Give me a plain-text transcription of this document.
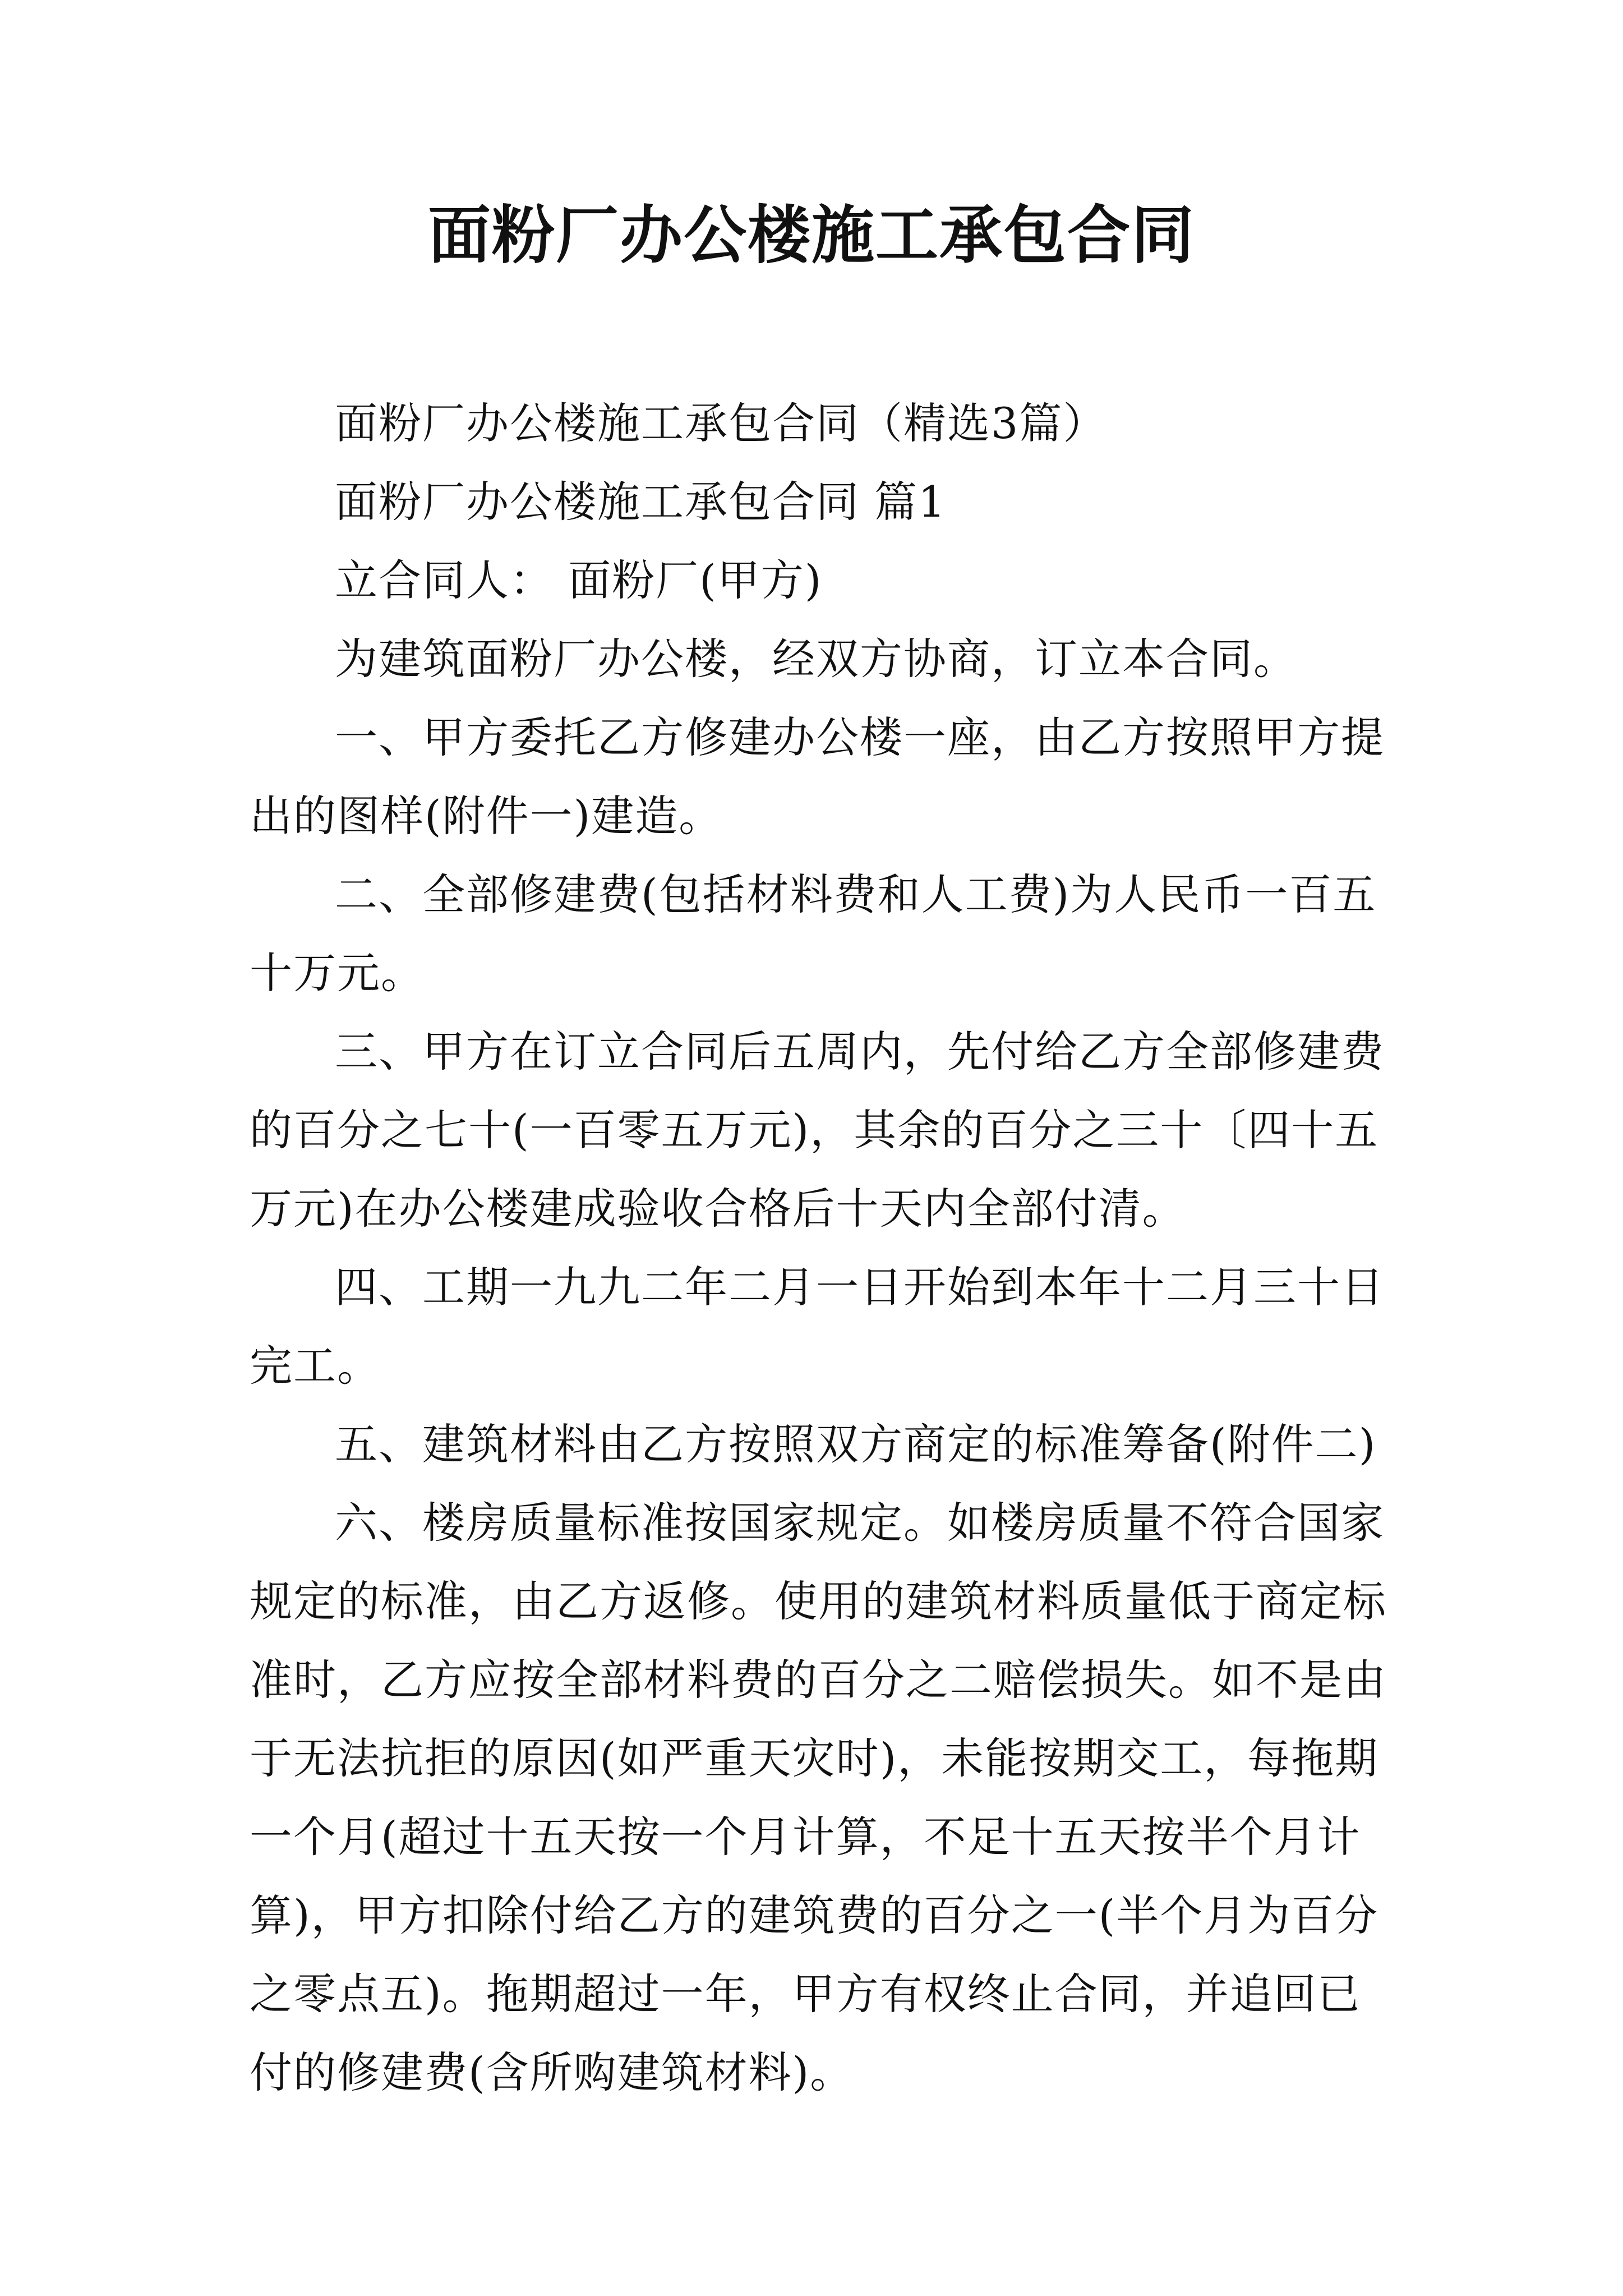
面粉厂办公楼施工承包合同

面粉厂办公楼施工承包合同（精选3篇）

面粉厂办公楼施工承包合同 篇1

立合同人： 面粉厂(甲方)

为建筑面粉厂办公楼，经双方协商，订立本合同。

一、甲方委托乙方修建办公楼一座，由乙方按照甲方提出的图样(附件一)建造。

二、全部修建费(包括材料费和人工费)为人民币一百五十万元。

三、甲方在订立合同后五周内，先付给乙方全部修建费的百分之七十(一百零五万元)，其余的百分之三十〔四十五万元)在办公楼建成验收合格后十天内全部付清。

四、工期一九九二年二月一日开始到本年十二月三十日完工。

五、建筑材料由乙方按照双方商定的标准筹备(附件二)

六、楼房质量标准按国家规定。如楼房质量不符合国家规定的标准，由乙方返修。使用的建筑材料质量低于商定标准时，乙方应按全部材料费的百分之二赔偿损失。如不是由于无法抗拒的原因(如严重天灾时)，未能按期交工，每拖期一个月(超过十五天按一个月计算，不足十五天按半个月计算)，甲方扣除付给乙方的建筑费的百分之一(半个月为百分之零点五)。拖期超过一年，甲方有权终止合同，并追回已付的修建费(含所购建筑材料)。
